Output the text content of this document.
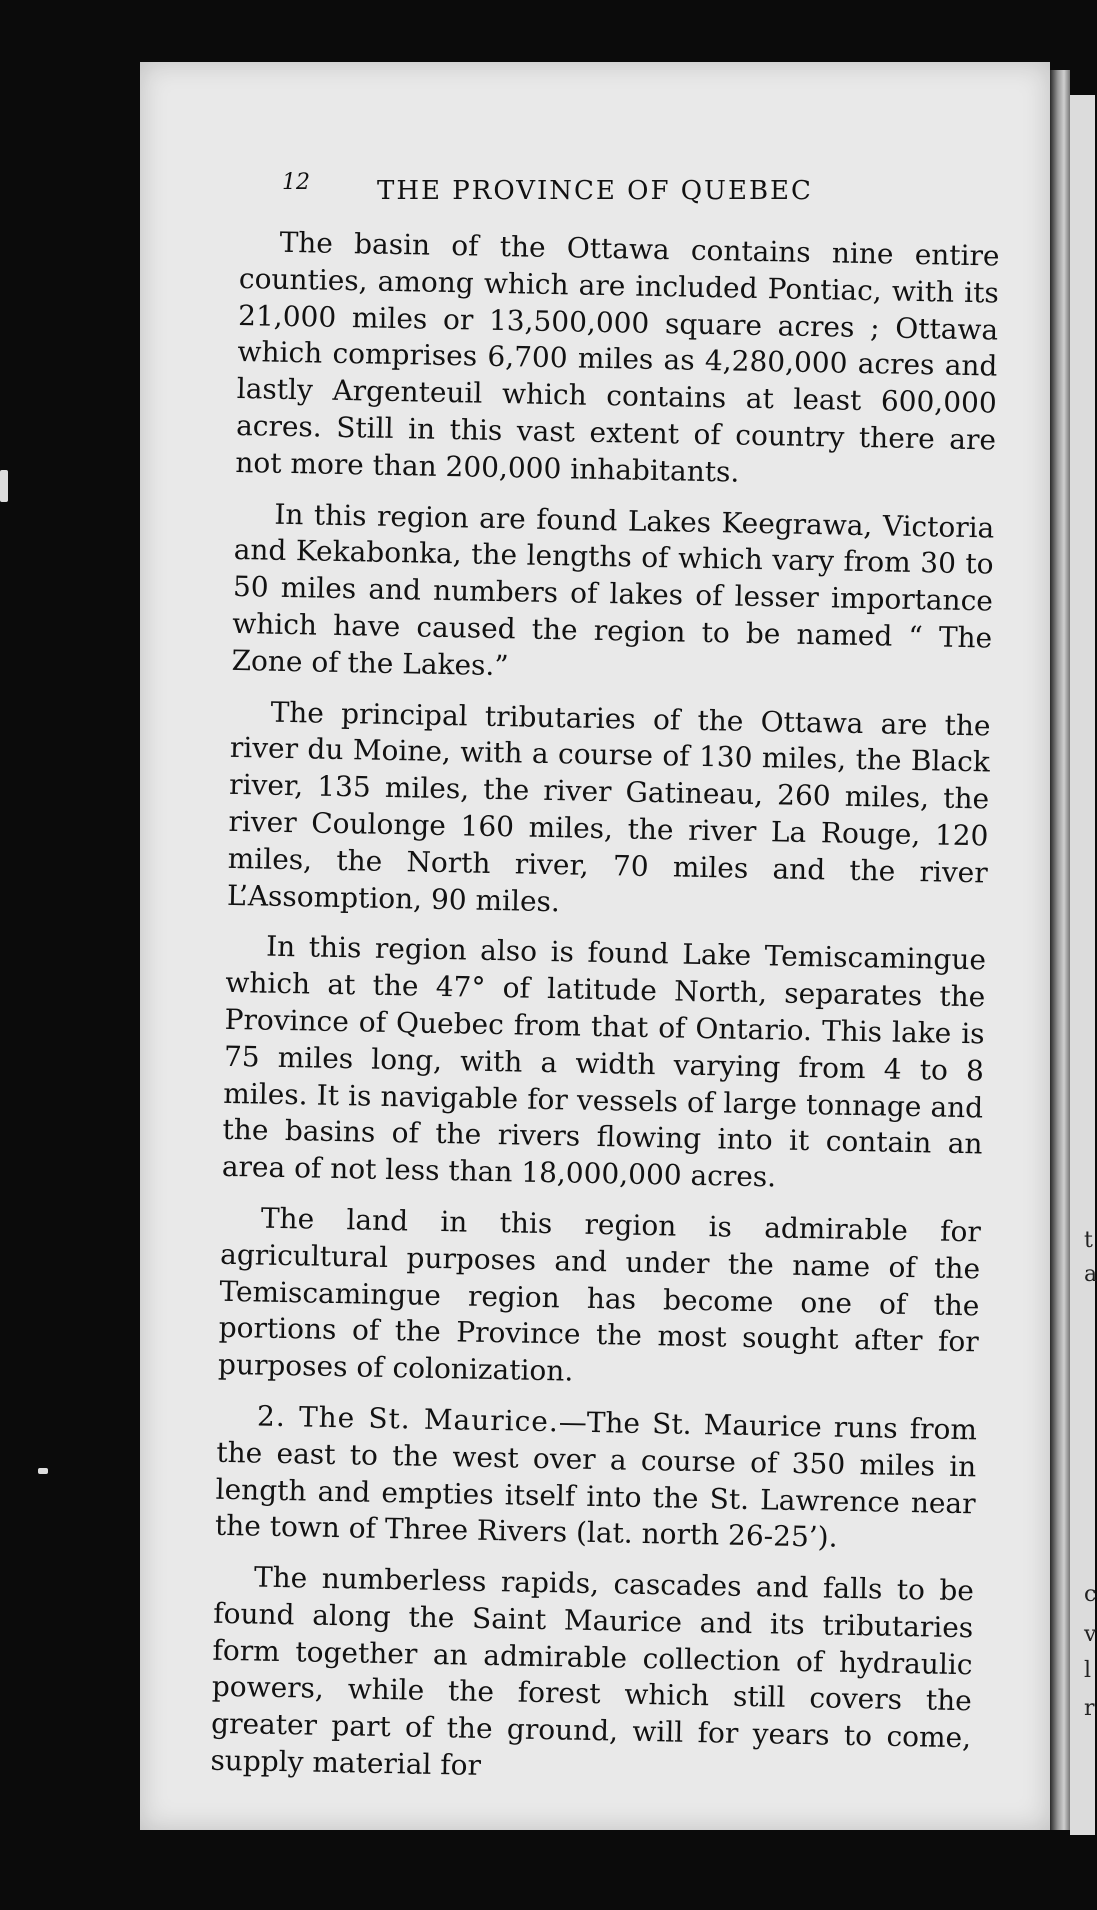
t
a
c
v
l
r
12	THE PROVINCE OF QUEBEC

The basin of the Ottawa contains nine entire counties, among which are included Pontiac, with its 21,000 miles or 13,500,000 square acres ; Ottawa which comprises 6,700 miles as 4,280,000 acres and lastly Argenteuil which contains at least 600,000 acres. Still in this vast extent of country there are not more than 200,000 inhabitants.

In this region are found Lakes Keegrawa, Victoria and Kekabonka, the lengths of which vary from 30 to 50 miles and numbers of lakes of lesser importance which have caused the region to be named “ The Zone of the Lakes.”

The principal tributaries of the Ottawa are the river du Moine, with a course of 130 miles, the Black river, 135 miles, the river Gatineau, 260 miles, the river Coulonge 160 miles, the river La Rouge, 120 miles, the North river, 70 miles and the river L’Assomption, 90 miles.

In this region also is found Lake Temiscamingue which at the 47° of latitude North, separates the Province of Quebec from that of Ontario. This lake is 75 miles long, with a width varying from 4 to 8 miles. It is navigable for vessels of large tonnage and the basins of the rivers flowing into it contain an area of not less than 18,000,000 acres.

The land in this region is admirable for agricultural purposes and under the name of the Temiscamingue region has become one of the portions of the Province the most sought after for purposes of colonization.

2. The St. Maurice.—The St. Maurice runs from the east to the west over a course of 350 miles in length and empties itself into the St. Lawrence near the town of Three Rivers (lat. north 26-25’).

The numberless rapids, cascades and falls to be found along the Saint Maurice and its tributaries form together an admirable collection of hydraulic powers, while the forest which still covers the greater part of the ground, will for years to come, supply material for
